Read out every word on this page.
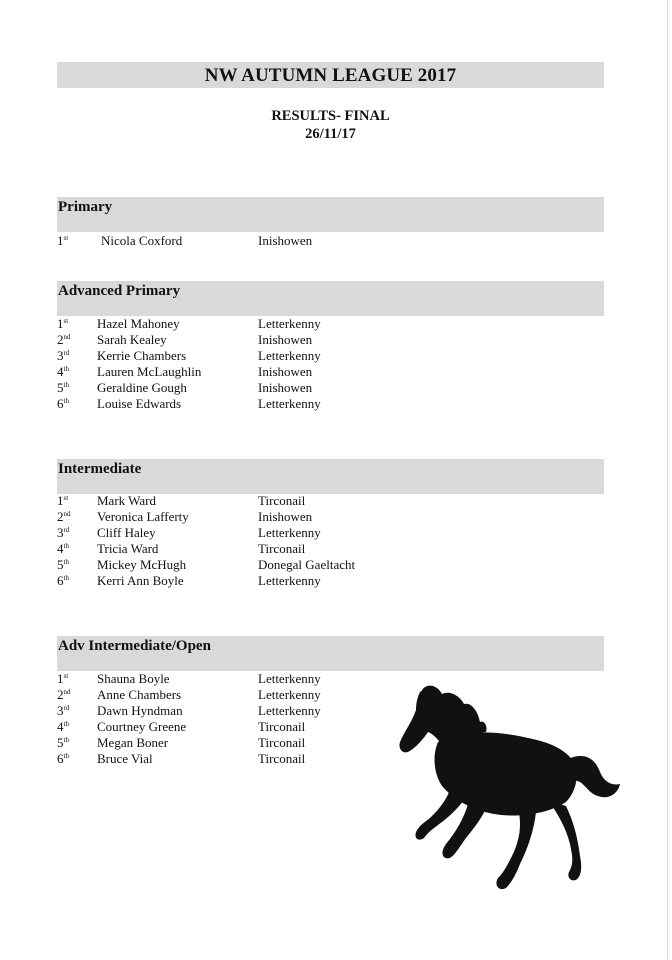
NW AUTUMN LEAGUE 2017
RESULTS- FINAL
26/11/17
Primary
1st	Nicola Coxford	Inishowen
Advanced Primary
1st	Hazel Mahoney	Letterkenny
2nd	Sarah Kealey	Inishowen
3rd	Kerrie Chambers	Letterkenny
4th	Lauren McLaughlin	Inishowen
5th	Geraldine Gough	Inishowen
6th	Louise Edwards	Letterkenny
Intermediate
1st	Mark Ward	Tirconail
2nd	Veronica Lafferty	Inishowen
3rd	Cliff Haley	Letterkenny
4th	Tricia Ward	Tirconail
5th	Mickey McHugh	Donegal Gaeltacht
6th	Kerri Ann Boyle	Letterkenny
Adv Intermediate/Open
1st	Shauna Boyle	Letterkenny
2nd	Anne Chambers	Letterkenny
3rd	Dawn Hyndman	Letterkenny
4th	Courtney Greene	Tirconail
5th	Megan Boner	Tirconail
6th	Bruce Vial	Tirconail
